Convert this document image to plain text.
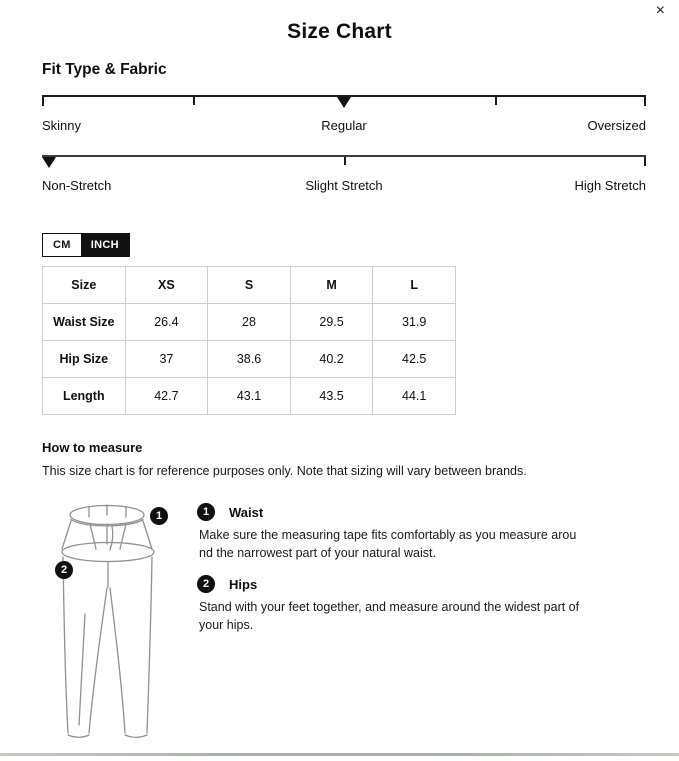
×
Size Chart
Fit Type & Fabric
Skinny	Regular	Oversized
Non-Stretch	Slight Stretch	High Stretch
CM	INCH
Size	XS	S	M	L
Waist Size	26.4	28	29.5	31.9
Hip Size	37	38.6	40.2	42.5
Length	42.7	43.1	43.5	44.1
How to measure
This size chart is for reference purposes only. Note that sizing will vary between brands.
1
2
1	Waist
Make sure the measuring tape fits comfortably as you measure arou
nd the narrowest part of your natural waist.
2	Hips
Stand with your feet together, and measure around the widest part of
your hips.
